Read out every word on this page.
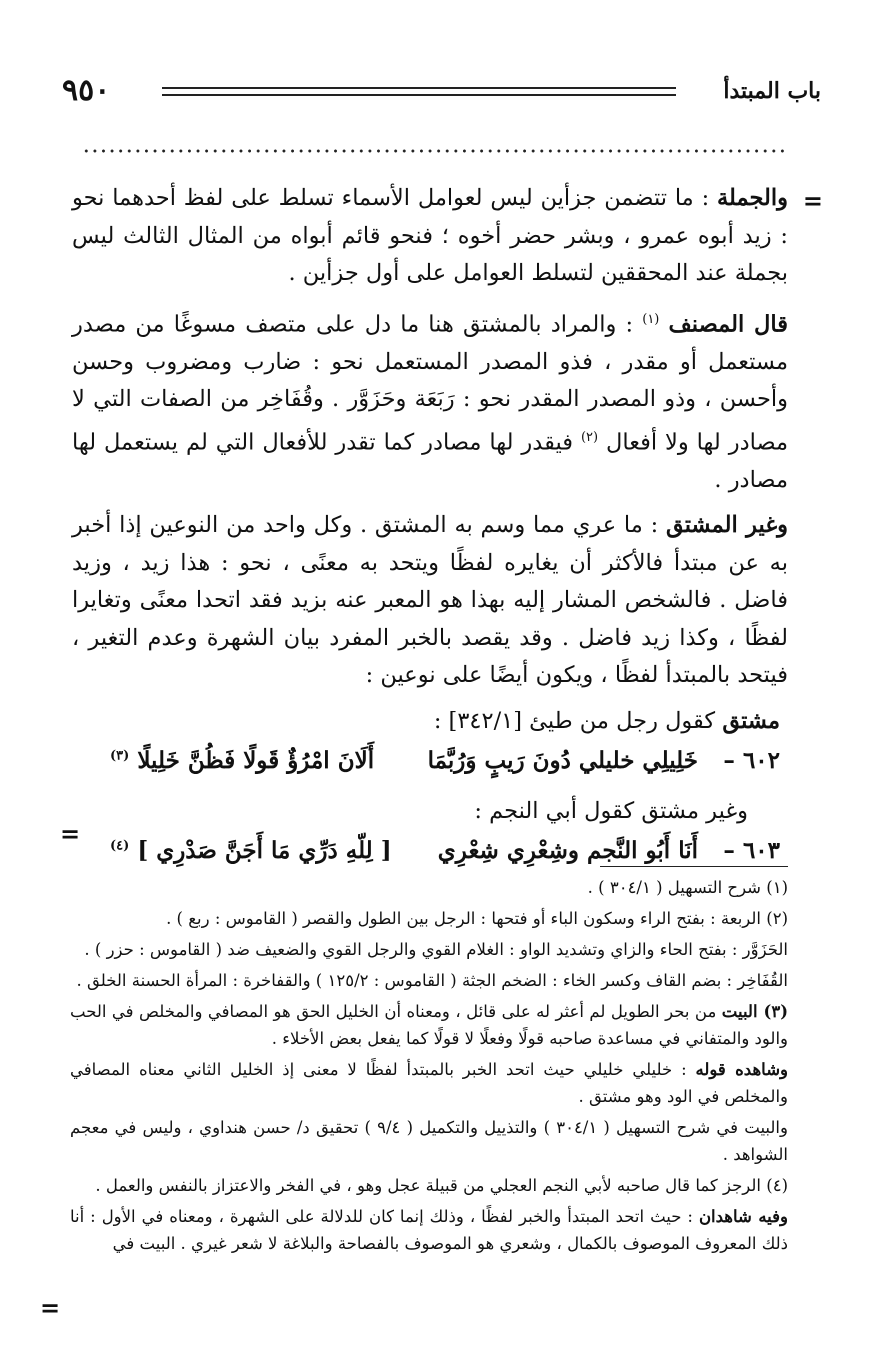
٩٥٠	باب المبتدأ
=
=
=

والجملة : ما تتضمن جزأين ليس لعوامل الأسماء تسلط على لفظ أحدهما نحو : زيد أبوه عمرو ، وبشر حضر أخوه ؛ فنحو قائم أبواه من المثال الثالث ليس بجملة عند المحققين لتسلط العوامل على أول جزأين .

قال المصنف $^{(١)}$ : والمراد بالمشتق هنا ما دل على متصف مسوغًا من مصدر مستعمل أو مقدر ، فذو المصدر المستعمل نحو : ضارب ومضروب وحسن وأحسن ، وذو المصدر المقدر نحو : رَبَعَة وحَزَوَّر . وقُفَاخِر من الصفات التي لا مصادر لها ولا أفعال $^{(٢)}$ فيقدر لها مصادر كما تقدر للأفعال التي لم يستعمل لها مصادر .

وغير المشتق : ما عري مما وسم به المشتق . وكل واحد من النوعين إذا أخبر به عن مبتدأ فالأكثر أن يغايره لفظًا ويتحد به معنًى ، نحو : هذا زيد ، وزيد فاضل . فالشخص المشار إليه بهذا هو المعبر عنه بزيد فقد اتحدا معنًى وتغايرا لفظًا ، وكذا زيد فاضل . وقد يقصد بالخبر المفرد بيان الشهرة وعدم التغير ، فيتحد بالمبتدأ لفظًا ، ويكون أيضًا على نوعين :

مشتق كقول رجل من طيئ [٣٤٢/١] :

٦٠٢ –
خَلِيلِي خليلي دُونَ رَيبٍ وَرُبَّمَا
أَلَانَ امْرُؤٌ قَولًا فَظُنَّ خَلِيلًا $^{(٣)}$

وغير مشتق كقول أبي النجم :

٦٠٣ –
أَنَا أَبُو النَّجم وشِعْرِي شِعْرِي
[ لِلّهِ دَرِّي مَا أَجَنَّ صَدْرِي ] $^{(٤)}$

(١) شرح التسهيل ( ٣٠٤/١ ) .

(٢) الربعة : بفتح الراء وسكون الباء أو فتحها : الرجل بين الطول والقصر ( القاموس : ربع ) .

الحَزَوَّر : بفتح الحاء والزاي وتشديد الواو : الغلام القوي والرجل القوي والضعيف ضد ( القاموس : حزر ) .

القُفَاخِر : بضم القاف وكسر الخاء : الضخم الجثة ( القاموس : ١٢٥/٢ ) والقفاخرة : المرأة الحسنة الخلق .

(٣) البيت من بحر الطويل لم أعثر له على قائل ، ومعناه أن الخليل الحق هو المصافي والمخلص في الحب والود والمتفاني في مساعدة صاحبه قولًا وفعلًا لا قولًا كما يفعل بعض الأخلاء .

وشاهده قوله : خليلي خليلي حيث اتحد الخبر بالمبتدأ لفظًا لا معنى إذ الخليل الثاني معناه المصافي والمخلص في الود وهو مشتق .

والبيت في شرح التسهيل ( ٣٠٤/١ ) والتذييل والتكميل ( ٩/٤ ) تحقيق د/ حسن هنداوي ، وليس في معجم الشواهد .

(٤) الرجز كما قال صاحبه لأبي النجم العجلي من قبيلة عجل وهو ، في الفخر والاعتزاز بالنفس والعمل .

وفيه شاهدان : حيث اتحد المبتدأ والخبر لفظًا ، وذلك إنما كان للدلالة على الشهرة ، ومعناه في الأول : أنا ذلك المعروف الموصوف بالكمال ، وشعري هو الموصوف بالفصاحة والبلاغة لا شعر غيري . البيت في
